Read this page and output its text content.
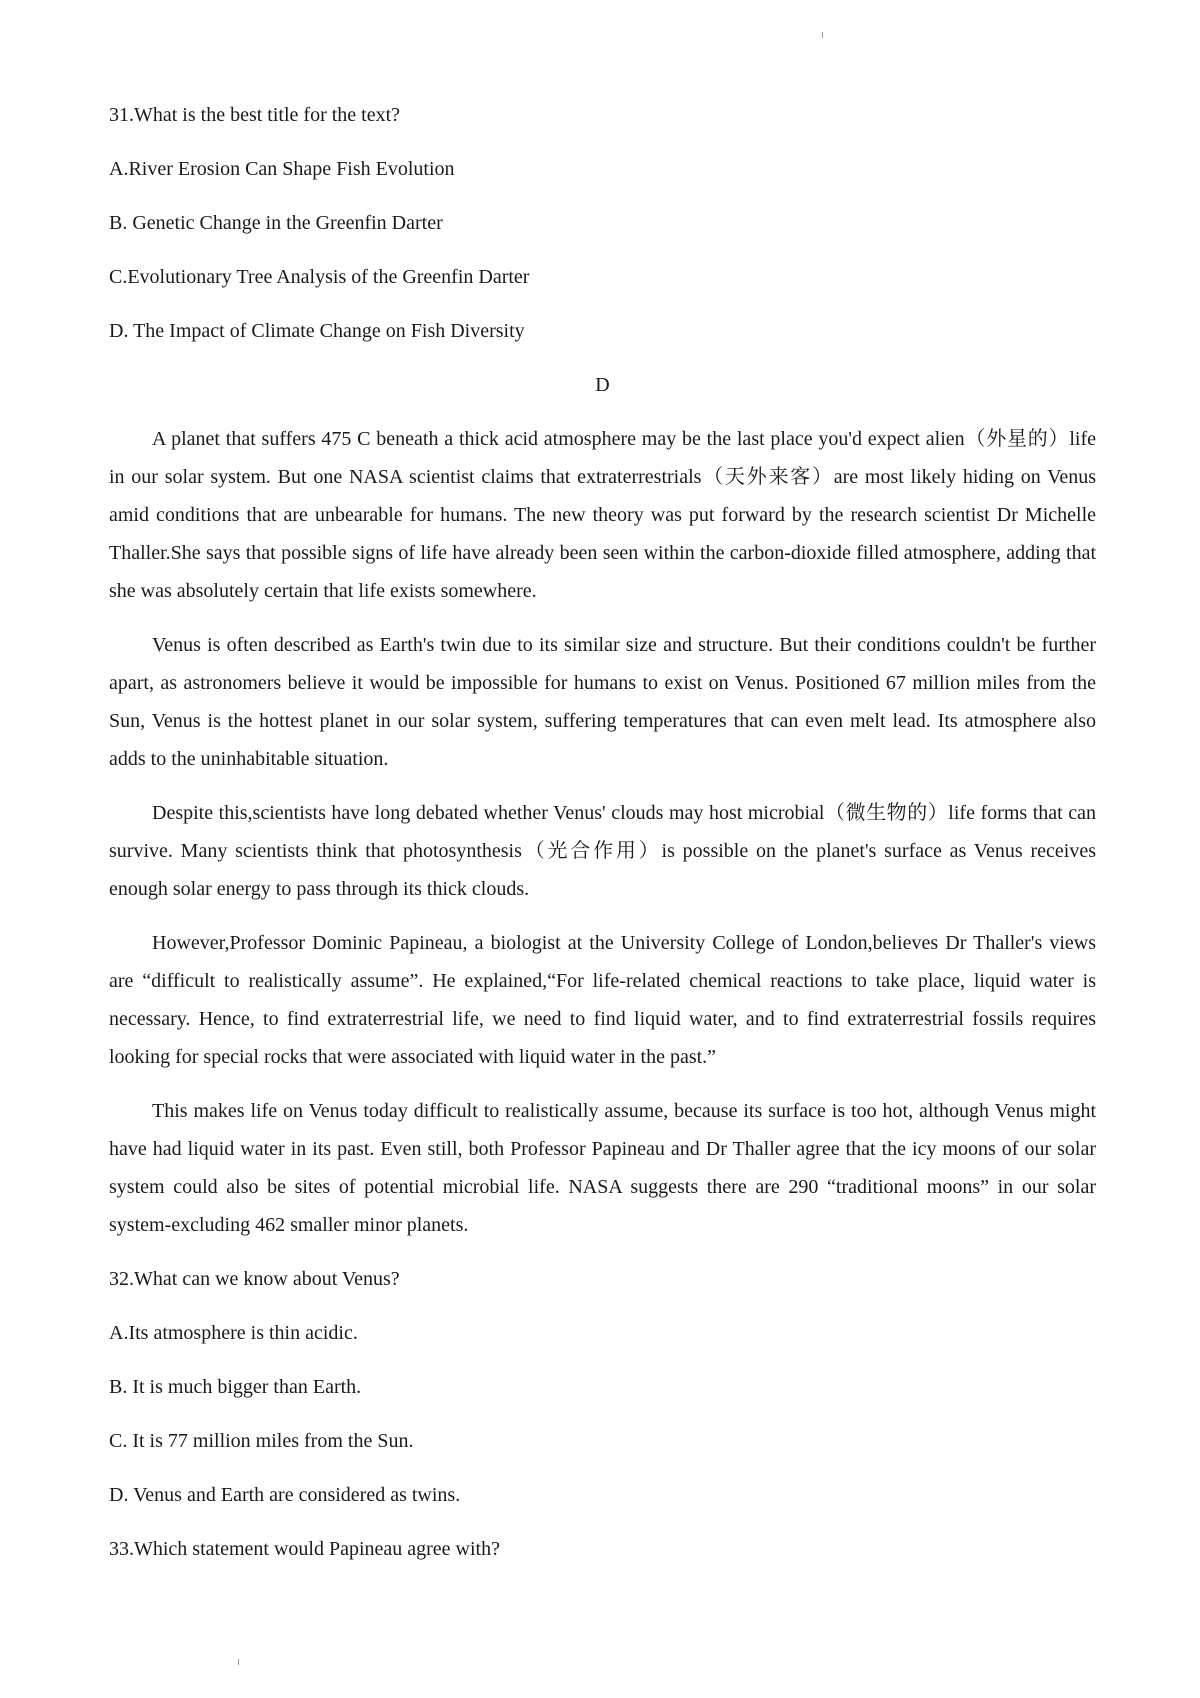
31.What is the best title for the text?

A.River Erosion Can Shape Fish Evolution

B. Genetic Change in the Greenfin Darter

C.Evolutionary Tree Analysis of the Greenfin Darter

D. The Impact of Climate Change on Fish Diversity

D

A planet that suffers 475 C beneath a thick acid atmosphere may be the last place you'd expect alien（外星的）life in our solar system. But one NASA scientist claims that extraterrestrials（天外来客）are most likely hiding on Venus amid conditions that are unbearable for humans. The new theory was put forward by the research scientist Dr Michelle Thaller.She says that possible signs of life have already been seen within the carbon-dioxide filled atmosphere, adding that she was absolutely certain that life exists somewhere.

Venus is often described as Earth's twin due to its similar size and structure. But their conditions couldn't be further apart, as astronomers believe it would be impossible for humans to exist on Venus. Positioned 67 million miles from the Sun, Venus is the hottest planet in our solar system, suffering temperatures that can even melt lead. Its atmosphere also adds to the uninhabitable situation.

Despite this,scientists have long debated whether Venus' clouds may host microbial（微生物的）life forms that can survive. Many scientists think that photosynthesis（光合作用）is possible on the planet's surface as Venus receives enough solar energy to pass through its thick clouds.

However,Professor Dominic Papineau, a biologist at the University College of London,believes Dr Thaller's views are “difficult to realistically assume”. He explained,“For life-related chemical reactions to take place, liquid water is necessary. Hence, to find extraterrestrial life, we need to find liquid water, and to find extraterrestrial fossils requires looking for special rocks that were associated with liquid water in the past.”

This makes life on Venus today difficult to realistically assume, because its surface is too hot, although Venus might have had liquid water in its past. Even still, both Professor Papineau and Dr Thaller agree that the icy moons of our solar system could also be sites of potential microbial life. NASA suggests there are 290 “traditional moons” in our solar system-excluding 462 smaller minor planets.

32.What can we know about Venus?

A.Its atmosphere is thin acidic.

B. It is much bigger than Earth.

C. It is 77 million miles from the Sun.

D. Venus and Earth are considered as twins.

33.Which statement would Papineau agree with?
